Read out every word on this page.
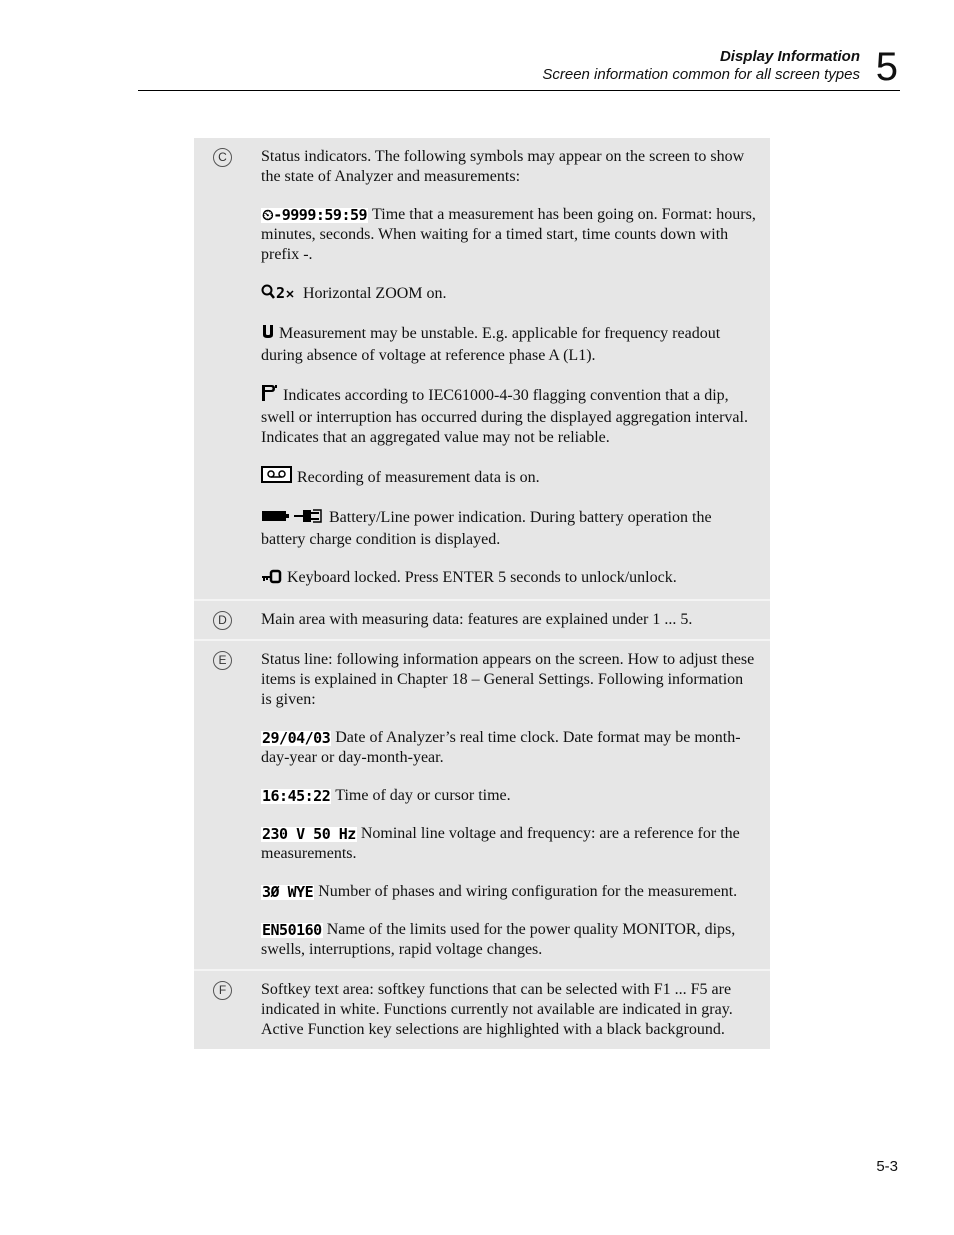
Display Information
Screen information common for all screen types 5
C	Status indicators. The following symbols may appear on the screen to show the state of Analyzer and measurements:

⏲-9999:59:59 Time that a measurement has been going on. Format: hours, minutes, seconds. When waiting for a timed start, time counts down with prefix -.

2 Horizontal ZOOM on.

Measurement may be unstable. E.g. applicable for frequency readout during absence of voltage at reference phase A (L1).

Indicates according to IEC61000-4-30 flagging convention that a dip, swell or interruption has occurred during the displayed aggregation interval. Indicates that an aggregated value may not be reliable.

Recording of measurement data is on.

Battery/Line power indication. During battery operation the battery charge condition is displayed.

Keyboard locked. Press ENTER 5 seconds to unlock/unlock.

D	Main area with measuring data: features are explained under 1 ... 5.

E	Status line: following information appears on the screen. How to adjust these items is explained in Chapter 18 – General Settings. Following information is given:

29/04/03 Date of Analyzer’s real time clock. Date format may be month-day-year or day-month-year.

16:45:22 Time of day or cursor time.

230 V 50 Hz Nominal line voltage and frequency: are a reference for the measurements.

3Ø WYE Number of phases and wiring configuration for the measurement.

EN50160 Name of the limits used for the power quality MONITOR, dips, swells, interruptions, rapid voltage changes.

F	Softkey text area: softkey functions that can be selected with F1 ... F5 are indicated in white. Functions currently not available are indicated in gray. Active Function key selections are highlighted with a black background.

5-3
